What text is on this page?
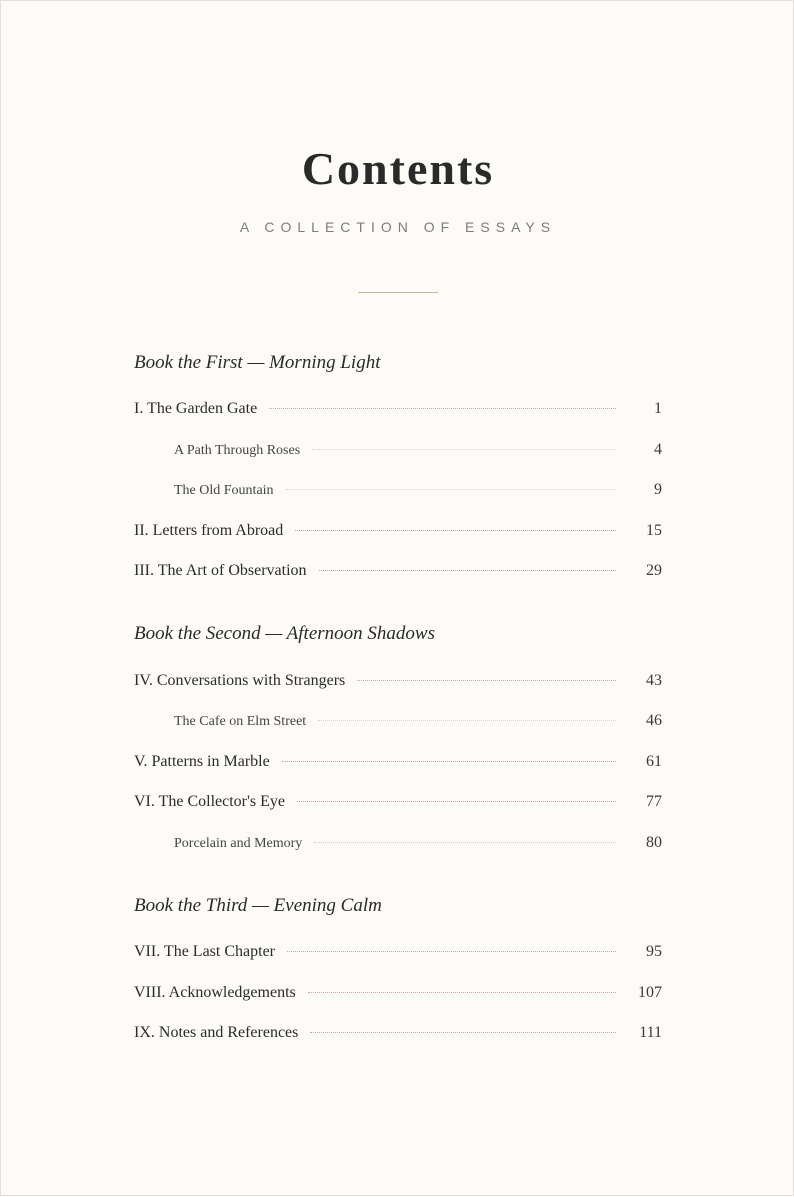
Contents
A COLLECTION OF ESSAYS
Book the First — Morning Light
I. The Garden Gate	1
A Path Through Roses	4
The Old Fountain	9
II. Letters from Abroad	15
III. The Art of Observation	29
Book the Second — Afternoon Shadows
IV. Conversations with Strangers	43
The Cafe on Elm Street	46
V. Patterns in Marble	61
VI. The Collector's Eye	77
Porcelain and Memory	80
Book the Third — Evening Calm
VII. The Last Chapter	95
VIII. Acknowledgements	107
IX. Notes and References	111
